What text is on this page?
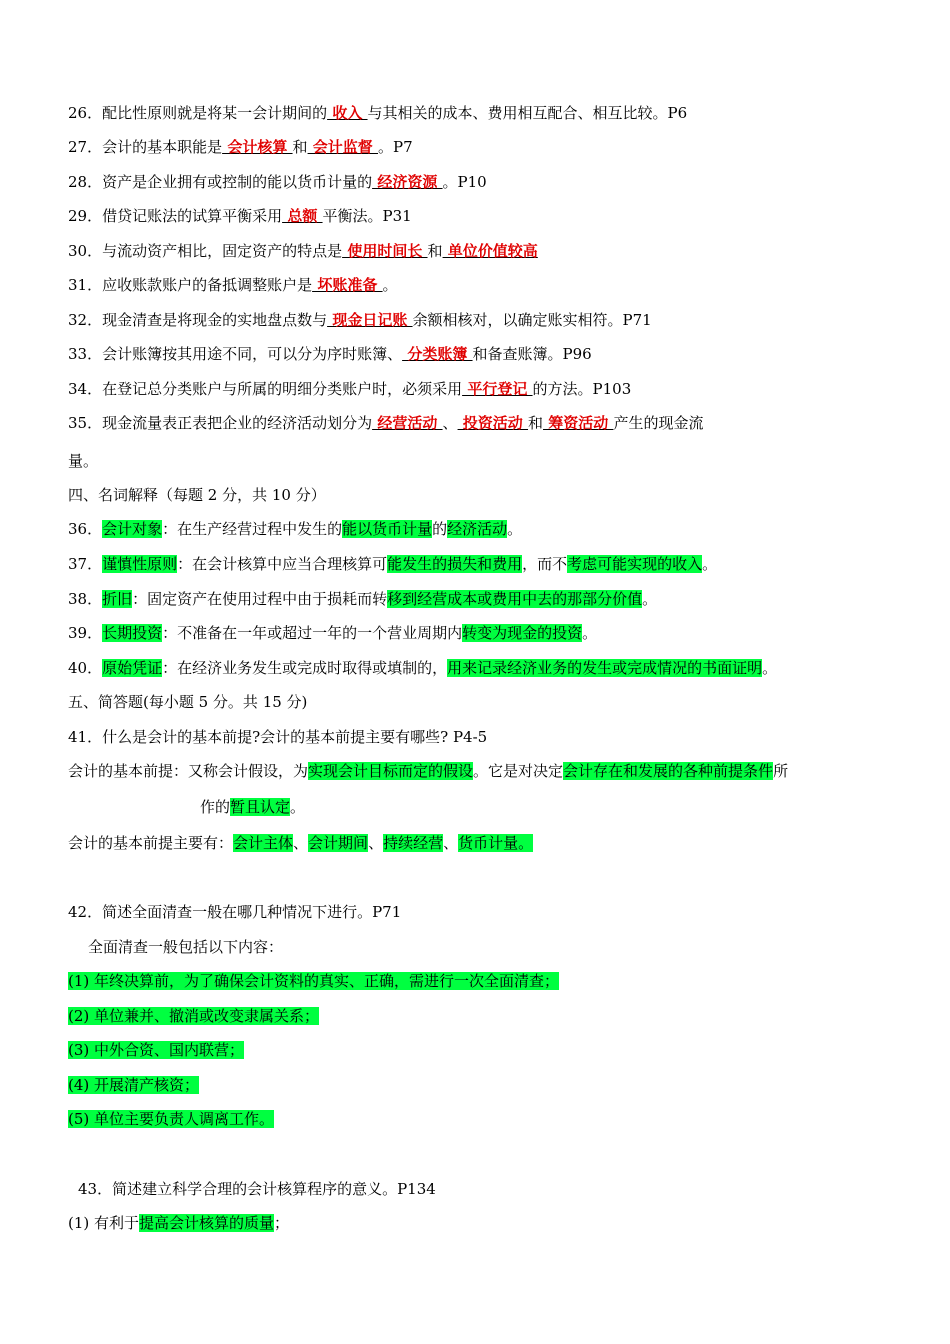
26．配比性原则就是将某一会计期间的 收入 与其相关的成本、费用相互配合、相互比较。P6
27．会计的基本职能是 会计核算 和 会计监督 。P7
28．资产是企业拥有或控制的能以货币计量的 经济资源 。P10
29．借贷记账法的试算平衡采用 总额 平衡法。P31
30．与流动资产相比，固定资产的特点是 使用时间长 和 单位价值较高
31．应收账款账户的备抵调整账户是 坏账准备 。
32．现金清查是将现金的实地盘点数与 现金日记账 余额相核对，以确定账实相符。P71
33．会计账簿按其用途不同，可以分为序时账簿、 分类账簿 和备查账簿。P96
34．在登记总分类账户与所属的明细分类账户时，必须采用 平行登记 的方法。P103
35．现金流量表正表把企业的经济活动划分为 经营活动 、 投资活动 和 筹资活动 产生的现金流
量。
四、名词解释（每题 2 分，共 10 分）
36．会计对象：在生产经营过程中发生的能以货币计量的经济活动。
37．谨慎性原则：在会计核算中应当合理核算可能发生的损失和费用，而不考虑可能实现的收入。
38．折旧：固定资产在使用过程中由于损耗而转移到经营成本或费用中去的那部分价值。
39．长期投资：不准备在一年或超过一年的一个营业周期内转变为现金的投资。
40．原始凭证：在经济业务发生或完成时取得或填制的，用来记录经济业务的发生或完成情况的书面证明。
五、简答题(每小题 5 分。共 15 分)
41．什么是会计的基本前提?会计的基本前提主要有哪些? P4-5
会计的基本前提：又称会计假设，为实现会计目标而定的假设。它是对决定会计存在和发展的各种前提条件所
作的暂且认定。
会计的基本前提主要有：会计主体、会计期间、持续经营、货币计量。
42．简述全面清查一般在哪几种情况下进行。P71
全面清查一般包括以下内容：
(1) 年终决算前，为了确保会计资料的真实、正确，需进行一次全面清查；
(2) 单位兼并、撤消或改变隶属关系；
(3) 中外合资、国内联营；
(4) 开展清产核资；
(5) 单位主要负责人调离工作。
43．简述建立科学合理的会计核算程序的意义。P134
(1) 有利于提高会计核算的质量；
